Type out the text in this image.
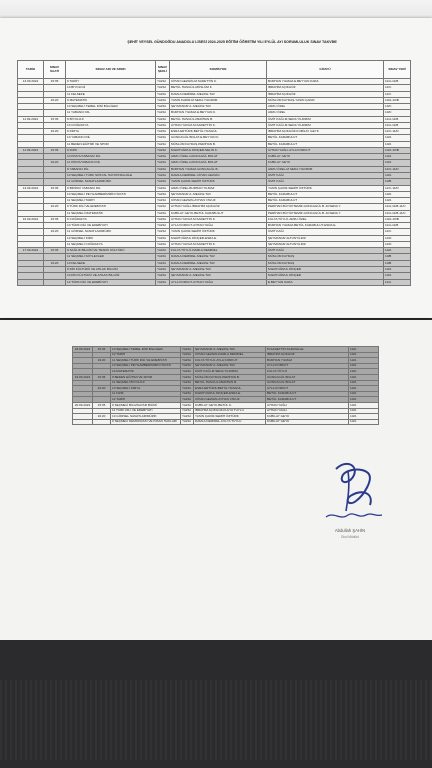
ŞEHİT VEYSEL GÜNDOĞDU ANADOLU LİSESİ 2024-2025 EĞİTİM ÖĞRETİM YILI EYLÜL AYI SORUMLULUK SINAV TAKVİMİ
TARİH	SINAV SAATİ	SINAV ADI VE SINIFI	SINAV ŞEKLİ	KOMİSYON	GÖZCÜ	SINAV YERİ
13.09.2024	15:35	9 TARİH	YAZILI	CİHAN GEZGİN-M.SADETTİN K.	BURHAN YILMAZ-E.BEYYAN KARA	11/A-11/B
		10 BİYOLOJİ	YAZILI	BETÜL HASGÜL-MÜSLÜM F.	İBRAHİM AÇIKGÖZ	11/C
		11 FELSEFE	YAZILI	DAMLA DEMİREL-MELİKE TAV	İBRAHİM AÇIKGÖZ	11/C
	16:20	9 MATEMATİK	YAZILI	YASİN KADİR-M.SEDA YILDIRIM	MÜSLÜM FAYDAŞ-YASİN ÇAKIR	10/A-10/B
		10 SEÇMELİ TEMEL DİNİ BİLGİLER	YAZILI	ŞEYMANUR A.-MELİKE TAV	ARZU ÖZEL	10/C
		11 YABANCI DİL	YAZILI	BURHAN YILMAZ-E.BEYYAN K.	ARZU ÖZEL	10/C
11.09.2024	15:35	9 BİYOLOJİ	YAZILI	BETÜL HASGÜL-PERİHAN B.	ÜMİT KAĞI-M.SEDA YILDIRIM	11/A-11/B
		10 COĞRAFYA	YAZILI	AYHAN YAVUZ-M.SADETTİN K.	ÜMİT KAĞI-M.SEDA YILDIRIM	11/A-11/B
	16:20	9 KİMYA	YAZILI	ESRA ERTÜRK-BETÜL HASGÜL	İBRAHİM AÇIKGÖZ-KUBİLAY GEYK	11/C-11/D
		10 YABANCI DİL	YAZILI	GONCAGÜL BOLAT-E.BEYYAN K.	BETÜL KARABULUT	10/A
		11 BEDEN EĞİTİMİ VE SPOR	YAZILI	MÜSLÜM FAYDAŞ-PERİHAN B.	BETÜL KARABULUT	10/A
11.09.2024	15:35	9 FİZİK	YAZILI	M.ERTUĞRUL DİNÇER-SELİN K.	AYHAN YAĞLI-AYLA KORKUT	10/A-10/B
		10 KİMYA/YABANCI DİL	YAZILI	ARZU ÖZEL-GONCAGÜL BOLAT	KUBİLAY GEYK	10/A
	16:20	11 KİMYA/YABANCI DİL	YAZILI	ARZU ÖZEL-GONCAGÜL BOLAT	KUBİLAY GEYK	10/A
		9 YABANCI DİL	YAZILI	BURHAN YILMAZ-GONCAGÜL B.	ARZU ÖZEL-M.SEDA YILDIRIM	11/C-11/D
		10 SEÇMELİ TÜRK SOSYAL HAYATINDA AİLE	YAZILI	DAMLA DEMİREL-CİHAN GEZGİN	ÜMİT KAĞI	10/A
		11 GÖRSEL SANATLAR/MÜZİK	YAZILI	YASİN ÇAKIR-SEMİH ÖZTÜRK	ÜMİT KAĞI	10/B
13.09.2024	15:35	9 BİRİNCİ YABANCI DİL	YAZILI	ARZU ÖZEL-BURHAN YILMAZ	YASİN ÇAKIR-SEMİH ÖZTÜRK	11/C-11/D
		10 SEÇMELİ PEYGAMBERİMİZİN HAYATI	YAZILI	ŞEYMANUR A.-MELİKE TAV	BETÜL KARABULUT	10/A
		11 SEÇMELİ TARİH	YAZILI	CİHAN GEZGİN-AYHAN YAVUZ	BETÜL KARABULUT	10/A
	16:20	9 TÜRK DİLİ VE EDEBİYATI	YAZILI	AYHAN YAĞLI-İBRAHİM AÇIKGÖZ	PERİHAN BÜYÜKTEMİZ-GONCAGÜL B.-M.SEDA Y.	11/A-11/B-11/C
		11 SEÇMELİ MATEMATİK	YAZILI	KUBİLAY GEYK-BETÜL KARABULUT	PERİHAN BÜYÜKTEMİZ-GONCAGÜL B.-M.SEDA Y.	11/A-11/B-11/C
16.09.2024	15:35	9 COĞRAFYA	YAZILI	AYHAN YAVUZ-M.SADETTİN K.	FULYA TÜYLÜ-ARZU ÖZEL	10/A-10/B
		10 TÜRK DİLİ VE EDEBİYATI	YAZILI	AYLA KORKUT-AYHAN YAĞLI	BURHAN YILMAZ-BETÜL KARABULUT-ESRA E.	11/A-11/B
	16:20	11 GÖRSEL SANATLAR/MÜZİK	YAZILI	YASİN ÇAKIR-SEMİH ÖZTÜRK	ÜMİT KAĞI	11/C
		10 SEÇMELİ FİZİK	YAZILI	M.ERTUĞRUL DİNÇER-ESRA E.	ŞEYMANUR ALTUNYILDIZ	11/D
		11 SEÇMELİ COĞRAFYA	YAZILI	AYHAN YAVUZ-M.SADETTİN K.	ŞEYMANUR ALTUNYILDIZ	11/D
17.09.2024	15:35	9 SAĞLIK BİLGİSİ VE TRAFİK KÜLTÜRÜ	YAZILI	FULYA TÜYLÜ-DAMLA DEMİREL	ÜMİT KAĞI	10/A
		11 SEÇMELİ SÖYLEVLER	YAZILI	DAMLA DEMİREL-MELİKE TAV	MÜSLÜM FAYDAŞ	10/B
	16:20	10 FELSEFE	YAZILI	DAMLA DEMİREL-MELİKE TAV	MÜSLÜM FAYDAŞ	10/B
		9 DİN KÜLTÜRÜ VE AHLAK BİLGİSİ	YAZILI	ŞEYMANUR A.-MELİKE TAV	M.ERTUĞRUL DİNÇER	10/A
		10 DİN KÜLTÜRÜ VE AHLAK BİLGİSİ	YAZILI	ŞEYMANUR A.-MELİKE TAV	M.ERTUĞRUL DİNÇER	10/A
		12 TÜRK DİLİ VE EDEBİYATI	YAZILI	AYLA KORKUT-AYHAN YAĞLI	E.BEYYAN KARA	11/A
18.09.2024	15:35	10 SEÇMELİ TEMEL DİNİ BİLGİLER	YAZILI	ŞEYMANUR A.-MELİKE TAV	M.SADETTİN KARASİLLE	10/A
		10 TARİH	YAZILI	CİHAN GEZGİN-DAMLA DEMİREL	İBRAHİM AÇIKGÖZ	10/A
	16:20	11 SEÇMELİ TÜRK DİLİ VE EDEBİYATI	YAZILI	FULYA TÜYLÜ-AYLA KORKUT	BURHAN YILMAZ	10/A
		10 SEÇMELİ PEYGAMBERİMİZİN HAYATI	YAZILI	ŞEYMANUR A.-MELİKE TAV	AYLA KORKUT	10/A
		10 MATEMATİK	YAZILI	ÜMİT KAĞI-M.SEDA YILDIRIM	FULYA TÜYLÜ	10/A
19.09.2024	15:35	9 BEDEN EĞİTİMİ VE SPOR	YAZILI	MÜSLÜM FAYDAŞ-PERİHAN B.	GONCAGÜL BOLAT	10/A
		11 SEÇMELİ BİYOLOJİ	YAZILI	BETÜL HASGÜL-PERİHAN B.	GONCAGÜL BOLAT	10/A
	16:20	10 SEÇMELİ KİMYA	YAZILI	ESRA ERTÜRK-BETÜL HASGÜL	AYLA KORKUT	10/A
		11 FİZİK	YAZILI	M.ERTUĞRUL DİNÇER-ESRA E.	BETÜL KARABULUT	10/A
		12 TARİH	YAZILI	CİHAN GEZGİN-AYHAN YAVUZ	BETÜL KARABULUT	10/A
20.09.2024	15:35	9 SEÇMELİ BİLGİSAYAR BİLİMİ	YAZILI	KUBİLAY GEYK-BETÜL K.	AYHAN YAĞLI	10/A
		11 TÜRK DİLİ VE EDEBİYATI	YAZILI	İBRAHİM AÇIKGÖZ-FULYA TÜYLÜ	AYHAN YAĞLI	10/A
	16:20	10 GÖRSEL SANATLAR/MÜZİK	YAZILI	YASİN ÇAKIR-SEMİH ÖZTÜRK	KUBİLAY GEYK	10/A
		9 SEÇMELİ DEMOKRASİ VE İNSAN HAKLARI	YAZILI	DAMLA DEMİREL-FULYA TÜYLÜ	KUBİLAY GEYK	10/A
Abdullah ŞAHİN
Okul Müdürü
